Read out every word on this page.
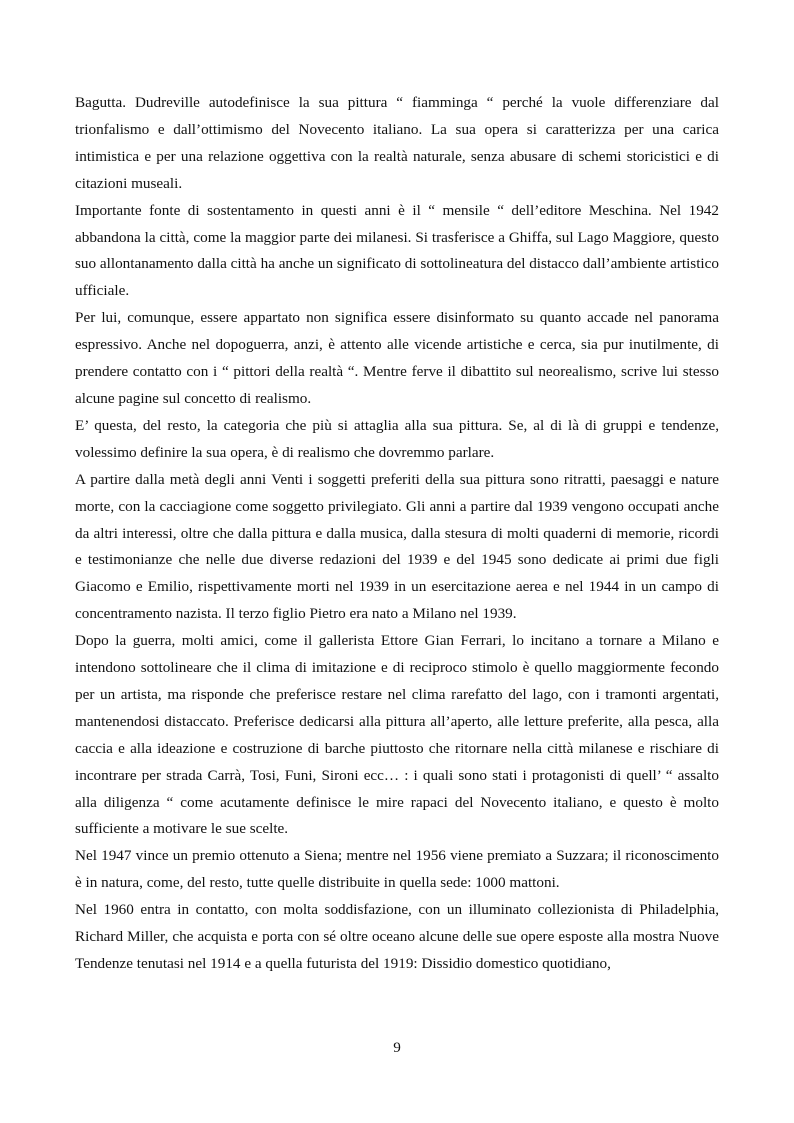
Bagutta. Dudreville autodefinisce la sua pittura “ fiamminga “ perché la vuole differenziare dal trionfalismo e dall’ottimismo del Novecento italiano. La sua opera si caratterizza per una carica intimistica e per una relazione oggettiva con la realtà naturale, senza abusare di schemi storicistici e di citazioni museali.

Importante fonte di sostentamento in questi anni è il “ mensile “ dell’editore Meschina. Nel 1942 abbandona la città, come la maggior parte dei milanesi. Si trasferisce a Ghiffa, sul Lago Maggiore, questo suo allontanamento dalla città ha anche un significato di sottolineatura del distacco dall’ambiente artistico ufficiale.

Per lui, comunque, essere appartato non significa essere disinformato su quanto accade nel panorama espressivo. Anche nel dopoguerra, anzi, è attento alle vicende artistiche e cerca, sia pur inutilmente, di prendere contatto con i “ pittori della realtà “. Mentre ferve il dibattito sul neorealismo, scrive lui stesso alcune pagine sul concetto di realismo.

E’ questa, del resto, la categoria che più si attaglia alla sua pittura. Se, al di là di gruppi e tendenze, volessimo definire la sua opera, è di realismo che dovremmo parlare.

A partire dalla metà degli anni Venti i soggetti preferiti della sua pittura sono ritratti, paesaggi e nature morte, con la cacciagione come soggetto privilegiato. Gli anni a partire dal 1939 vengono occupati anche da altri interessi, oltre che dalla pittura e dalla musica, dalla stesura di molti quaderni di memorie, ricordi e testimonianze che nelle due diverse redazioni del 1939 e del 1945 sono dedicate ai primi due figli Giacomo e Emilio, rispettivamente morti nel 1939 in un esercitazione aerea e nel 1944 in un campo di concentramento nazista. Il terzo figlio Pietro era nato a Milano nel 1939.

Dopo la guerra, molti amici, come il gallerista Ettore Gian Ferrari, lo incitano a tornare a Milano e intendono sottolineare che il clima di imitazione e di reciproco stimolo è quello maggiormente fecondo per un artista, ma risponde che preferisce restare nel clima rarefatto del lago, con i tramonti argentati, mantenendosi distaccato. Preferisce dedicarsi alla pittura all’aperto, alle letture preferite, alla pesca, alla caccia e alla ideazione e costruzione di barche piuttosto che ritornare nella città milanese e rischiare di incontrare per strada Carrà, Tosi, Funi, Sironi ecc… : i quali sono stati i protagonisti di quell’ “ assalto alla diligenza “ come acutamente definisce le mire rapaci del Novecento italiano, e questo è molto sufficiente a motivare le sue scelte.

Nel 1947 vince un premio ottenuto a Siena; mentre nel 1956 viene premiato a Suzzara; il riconoscimento è in natura, come, del resto, tutte quelle distribuite in quella sede: 1000 mattoni.

Nel 1960 entra in contatto, con molta soddisfazione, con un illuminato collezionista di Philadelphia, Richard Miller, che acquista e porta con sé oltre oceano alcune delle sue opere esposte alla mostra Nuove Tendenze tenutasi nel 1914 e a quella futurista del 1919: Dissidio domestico quotidiano,

9
